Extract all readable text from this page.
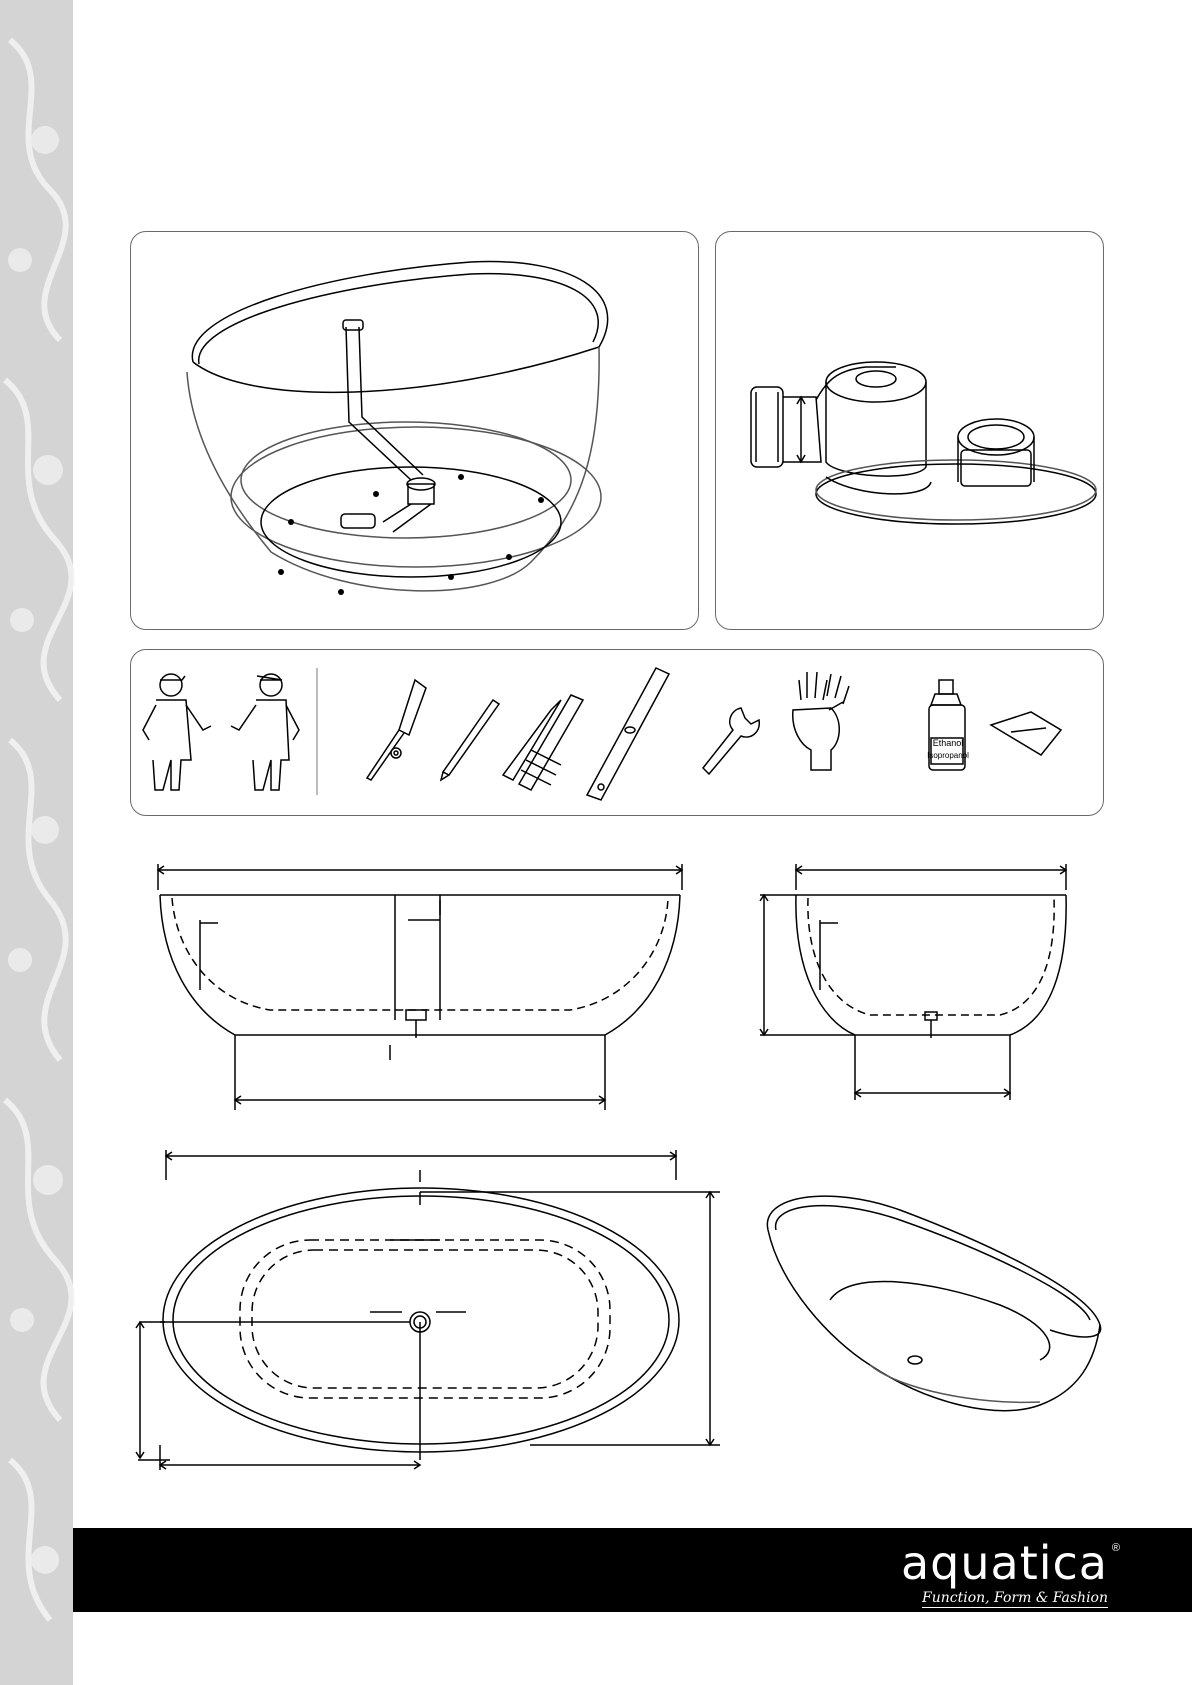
Ethanol
Isopropanol
aquatica ®
Function, Form & Fashion
